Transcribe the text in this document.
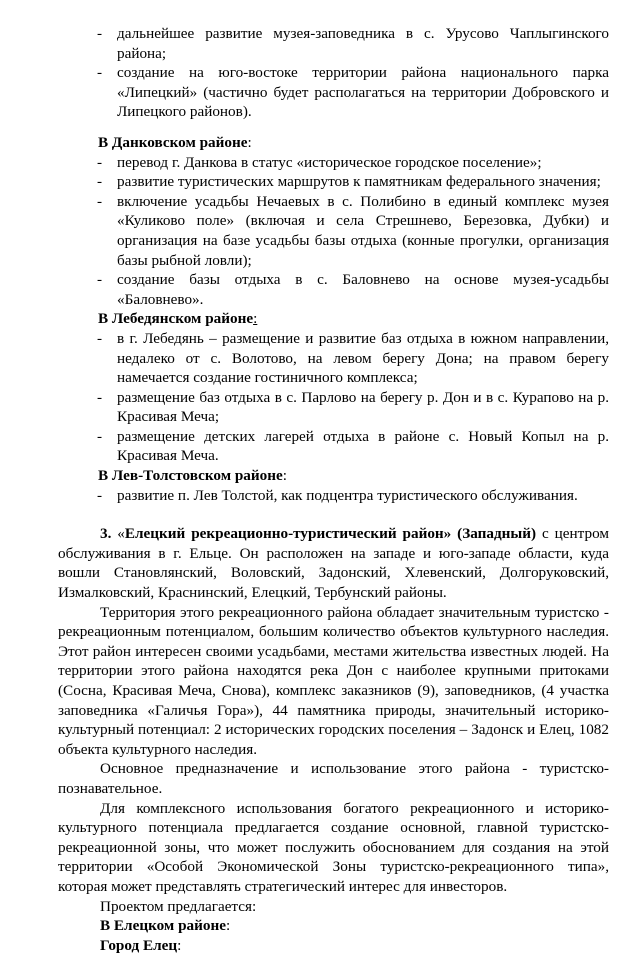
- дальнейшее развитие музея-заповедника в с. Урусово Чаплыгинского района;
- создание на юго-востоке территории района национального парка «Липецкий» (частично будет располагаться на территории Добровского и Липецкого районов).
В Данковском районе:
- перевод г. Данкова в статус «историческое городское поселение»;
- развитие туристических маршрутов к памятникам федерального значения;
- включение усадьбы Нечаевых в с. Полибино в единый комплекс музея «Куликово поле» (включая и села Стрешнево, Березовка, Дубки) и организация на базе усадьбы базы отдыха (конные прогулки, организация базы рыбной ловли);
- создание базы отдыха в с. Баловнево на основе музея-усадьбы «Баловнево».
В Лебедянском районе:
- в г. Лебедянь – размещение и развитие баз отдыха в южном направлении, недалеко от с. Волотово, на левом берегу Дона; на правом берегу намечается создание гостиничного комплекса;
- размещение баз отдыха в с. Парлово на берегу р. Дон и в с. Курапово на р. Красивая Меча;
- размещение детских лагерей отдыха в районе с. Новый Копыл на р. Красивая Меча.
В Лев-Толстовском районе:
- развитие п. Лев Толстой, как подцентра туристического обслуживания.
3. «Елецкий рекреационно-туристический район» (Западный) с центром обслуживания в г. Ельце. Он расположен на западе и юго-западе области, куда вошли Становлянский, Воловский, Задонский, Хлевенский, Долгоруковский, Измалковский, Краснинский, Елецкий, Тербунский районы.
Территория этого рекреационного района обладает значительным туристско - рекреационным потенциалом, большим количество объектов культурного наследия. Этот район интересен своими усадьбами, местами жительства известных людей. На территории этого района находятся река Дон с наиболее крупными притоками (Сосна, Красивая Меча, Снова), комплекс заказников (9), заповедников, (4 участка заповедника «Галичья Гора»), 44 памятника природы, значительный историко-культурный потенциал: 2 исторических городских поселения – Задонск и Елец, 1082 объекта культурного наследия.
Основное предназначение и использование этого района - туристско-познавательное.
Для комплексного использования богатого рекреационного и историко-культурного потенциала предлагается создание основной, главной туристско-рекреационной зоны, что может послужить обоснованием для создания на этой территории «Особой Экономической Зоны туристско-рекреационного типа», которая может представлять стратегический интерес для инвесторов.
Проектом предлагается:
В Елецком районе:
Город Елец:
